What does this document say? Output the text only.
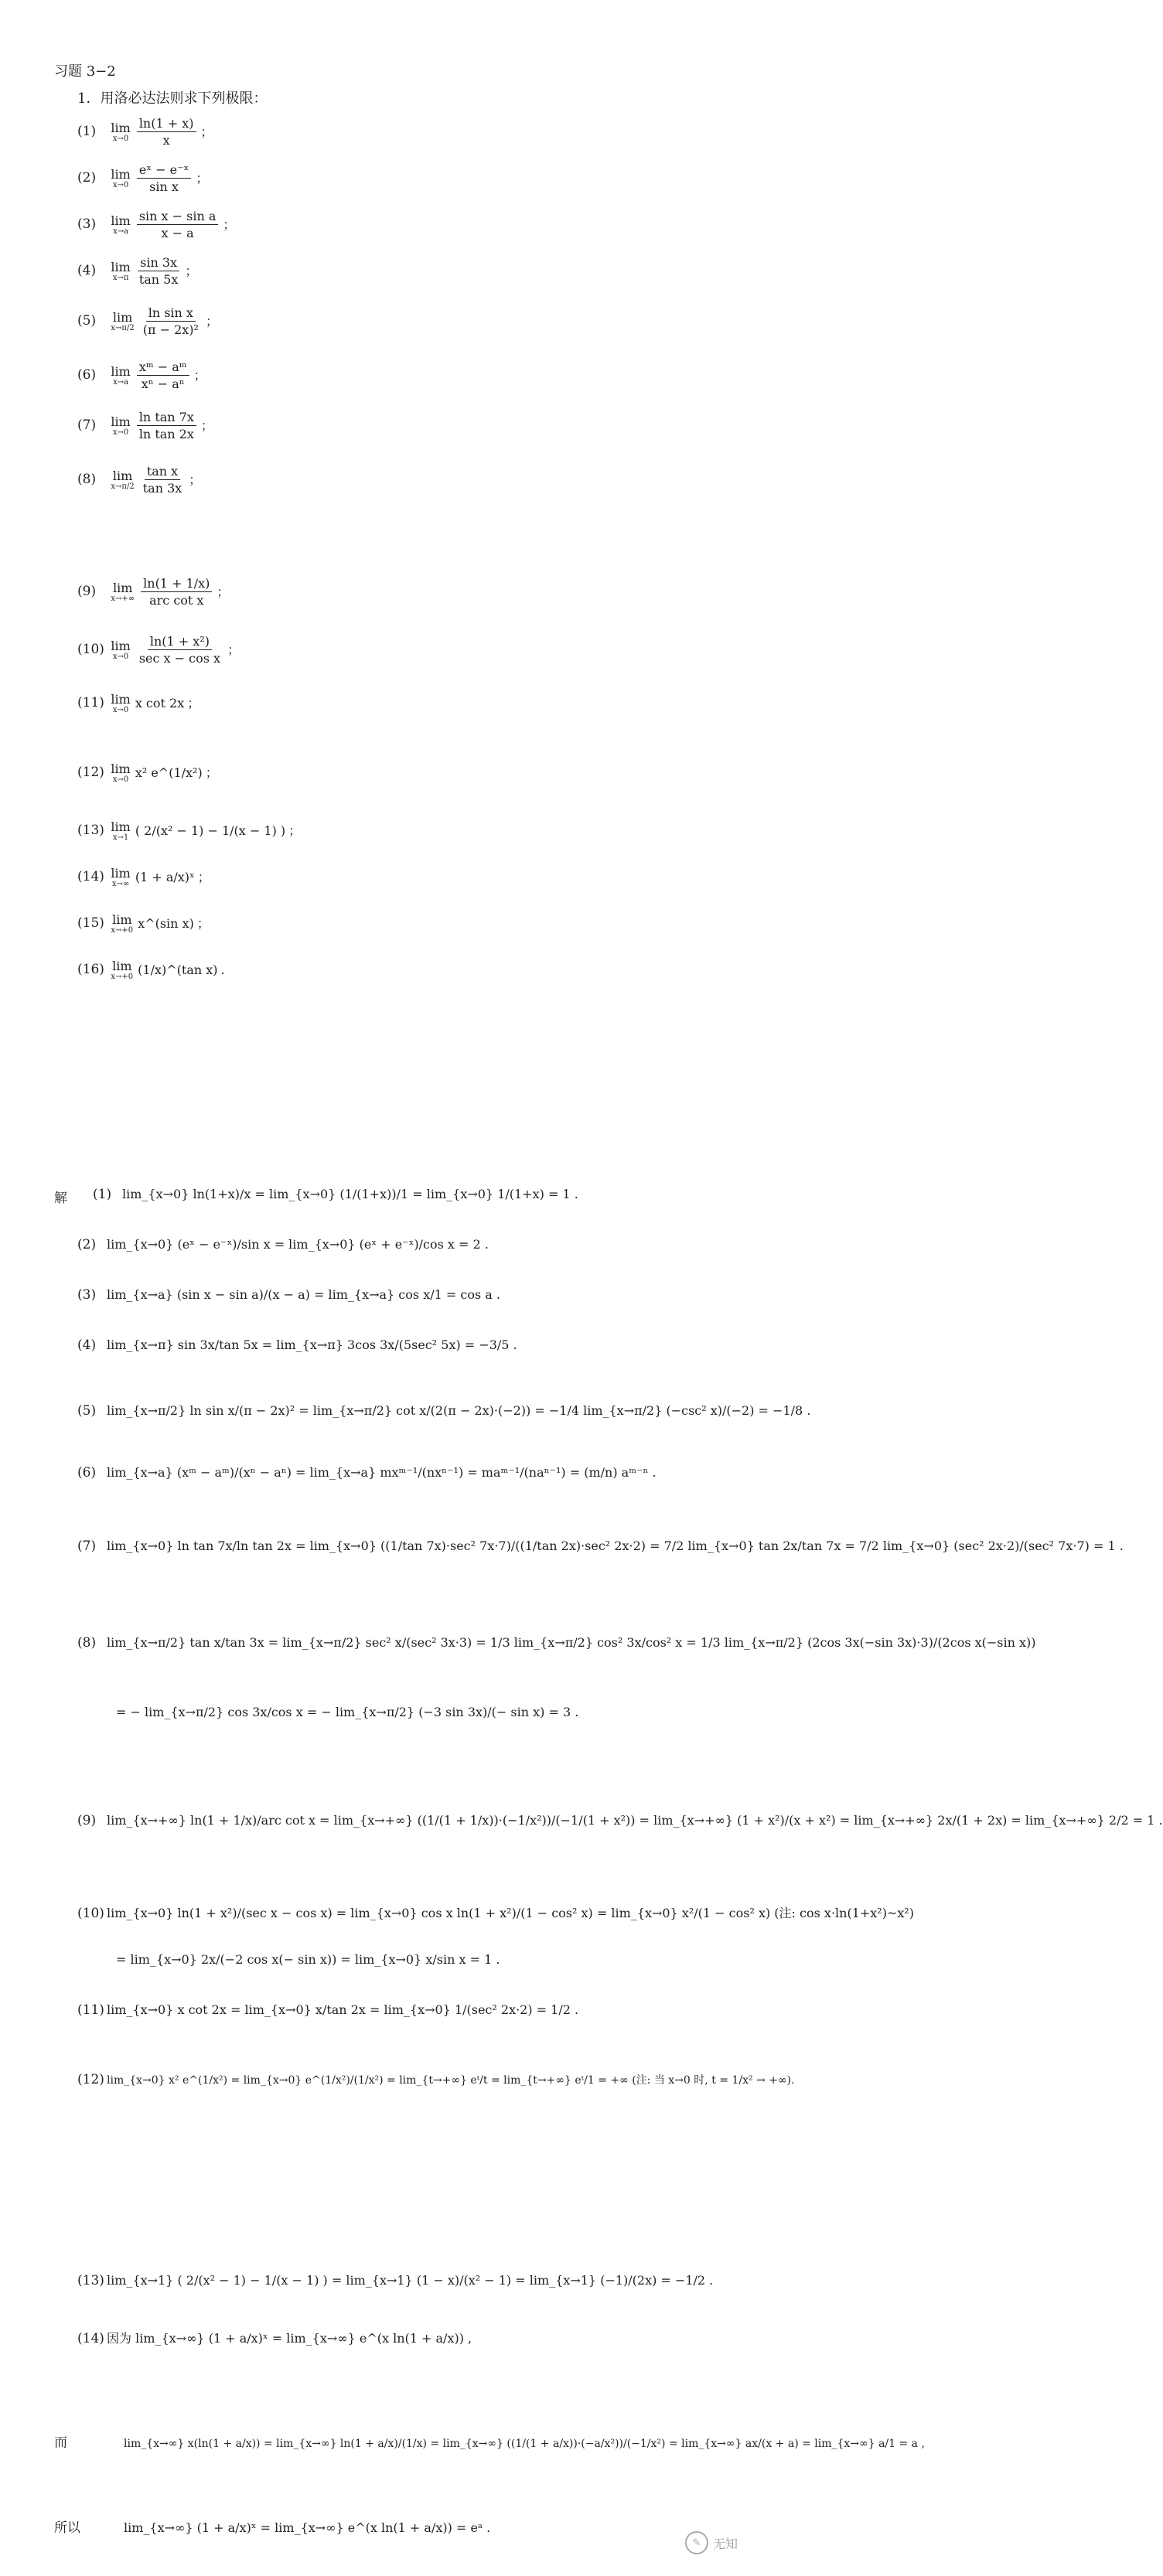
习题 3−2
1．用洛必达法则求下列极限：
(1) lim
$x\to 0 \frac{\ln(1 + x)}{x}$ ；
(2) lim
$x\to 0 \frac{\text{eˣ − e⁻ˣ}}{\text{sin x}}$ ；
(3) lim
$x\to a \frac{\text{sin x − sin a}}{x - a}$ ；
(4) lim
$x\to\pi \frac{\sin 3x}{\tan 5x}$ ；
(5) lim
$x\to\pi/2 \frac{\text{ln sin x}}{\text{(π − 2x)²}}$ ；
(6) lim
$x\to a \frac{\text{xᵐ − aᵐ}}{\text{xⁿ − aⁿ}}$ ；
(7) lim
$x\to 0 \frac{\text{ln tan 7x}}{\text{ln tan 2x}}$ ；
(8) lim
$x\to\pi/2 \frac{\text{tan x}}{\tan 3x}$ ；
(9) lim
$x\to+\infty \frac{\ln(1 + 1/x)}{\text{arc cot x}}$ ；
(10) lim
$x\to 0 \frac{\text{ln(1 + x²)}}{\text{sec x − cos x}}$ ；
(11) lim
x→0 x cot 2x ；
(12) lim
x→0 x² e^(1/x²) ；
(13) lim
x→1 ( 2/(x² − 1) − 1/(x − 1) ) ；
(14) lim
x→∞ (1 + a/x)ˣ ；
(15) lim
x→+0 x^(sin x) ；
(16) lim
x→+0 (1/x)^(tan x) .
解 (1) lim_{x→0} ln(1+x)/x = lim_{x→0} (1/(1+x))/1 = lim_{x→0} 1/(1+x) = 1 .
(2) lim_{x→0} (eˣ − e⁻ˣ)/sin x = lim_{x→0} (eˣ + e⁻ˣ)/cos x = 2 .
(3) lim_{x→a} (sin x − sin a)/(x − a) = lim_{x→a} cos x/1 = cos a .
(4) lim_{x→π} sin 3x/tan 5x = lim_{x→π} 3cos 3x/(5sec² 5x) = −3/5 .
(5) lim_{x→π/2} ln sin x/(π − 2x)² = lim_{x→π/2} cot x/(2(π − 2x)·(−2)) = −1/4 lim_{x→π/2} (−csc² x)/(−2) = −1/8 .
(6) lim_{x→a} (xᵐ − aᵐ)/(xⁿ − aⁿ) = lim_{x→a} mxᵐ⁻¹/(nxⁿ⁻¹) = maᵐ⁻¹/(naⁿ⁻¹) = (m/n) aᵐ⁻ⁿ .
(7) lim_{x→0} ln tan 7x/ln tan 2x = lim_{x→0} ((1/tan 7x)·sec² 7x·7)/((1/tan 2x)·sec² 2x·2) = 7/2 lim_{x→0} tan 2x/tan 7x = 7/2 lim_{x→0} (sec² 2x·2)/(sec² 7x·7) = 1 .
(8) lim_{x→π/2} tan x/tan 3x = lim_{x→π/2} sec² x/(sec² 3x·3) = 1/3 lim_{x→π/2} cos² 3x/cos² x = 1/3 lim_{x→π/2} (2cos 3x(−sin 3x)·3)/(2cos x(−sin x))
= − lim_{x→π/2} cos 3x/cos x = − lim_{x→π/2} (−3 sin 3x)/(− sin x) = 3 .
(9) lim_{x→+∞} ln(1 + 1/x)/arc cot x = lim_{x→+∞} ((1/(1 + 1/x))·(−1/x²))/(−1/(1 + x²)) = lim_{x→+∞} (1 + x²)/(x + x²) = lim_{x→+∞} 2x/(1 + 2x) = lim_{x→+∞} 2/2 = 1 .
(10) lim_{x→0} ln(1 + x²)/(sec x − cos x) = lim_{x→0} cos x ln(1 + x²)/(1 − cos² x) = lim_{x→0} x²/(1 − cos² x) (注: cos x·ln(1+x²)~x²)
= lim_{x→0} 2x/(−2 cos x(− sin x)) = lim_{x→0} x/sin x = 1 .
(11) lim_{x→0} x cot 2x = lim_{x→0} x/tan 2x = lim_{x→0} 1/(sec² 2x·2) = 1/2 .
(12) lim_{x→0} x² e^(1/x²) = lim_{x→0} e^(1/x²)/(1/x²) = lim_{t→+∞} eᵗ/t = lim_{t→+∞} eᵗ/1 = +∞ (注: 当 x→0 时, t = 1/x² → +∞).
(13) lim_{x→1} ( 2/(x² − 1) − 1/(x − 1) ) = lim_{x→1} (1 − x)/(x² − 1) = lim_{x→1} (−1)/(2x) = −1/2 .
(14) 因为 lim_{x→∞} (1 + a/x)ˣ = lim_{x→∞} e^(x ln(1 + a/x)) ,
而	lim_{x→∞} x(ln(1 + a/x)) = lim_{x→∞} ln(1 + a/x)/(1/x) = lim_{x→∞} ((1/(1 + a/x))·(−a/x²))/(−1/x²) = lim_{x→∞} ax/(x + a) = lim_{x→∞} a/1 = a ,
所以	lim_{x→∞} (1 + a/x)ˣ = lim_{x→∞} e^(x ln(1 + a/x)) = eᵃ .
✎ 无知
